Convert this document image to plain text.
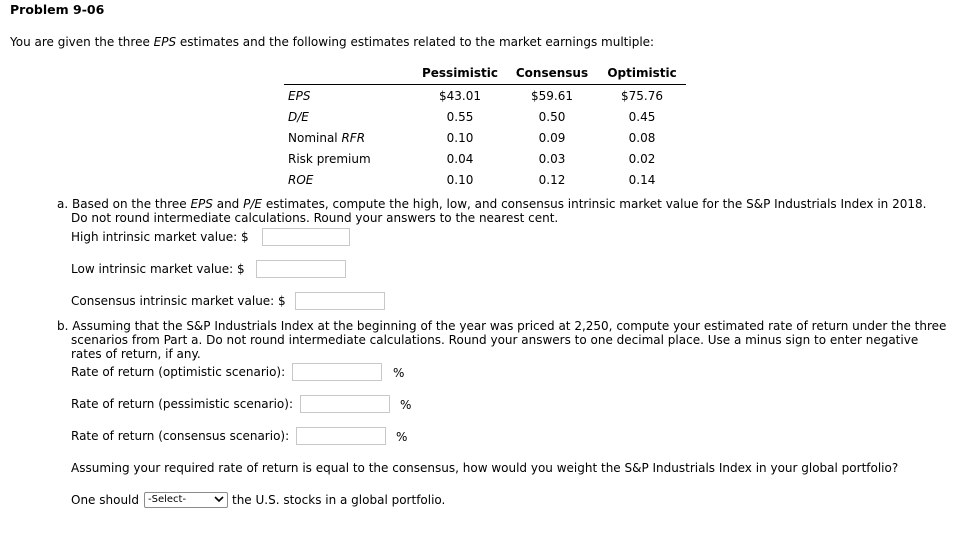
Problem 9-06
You are given the three EPS estimates and the following estimates related to the market earnings multiple:
	Pessimistic	Consensus	Optimistic
EPS	$43.01	$59.61	$75.76
D/E	0.55	0.50	0.45
Nominal RFR	0.10	0.09	0.08
Risk premium	0.04	0.03	0.02
ROE	0.10	0.12	0.14
a. Based on the three EPS and P/E estimates, compute the high, low, and consensus intrinsic market value for the S&P Industrials Index in 2018.
Do not round intermediate calculations. Round your answers to the nearest cent.
High intrinsic market value: $
Low intrinsic market value: $
Consensus intrinsic market value: $
b. Assuming that the S&P Industrials Index at the beginning of the year was priced at 2,250, compute your estimated rate of return under the three
scenarios from Part a. Do not round intermediate calculations. Round your answers to one decimal place. Use a minus sign to enter negative
rates of return, if any.
Rate of return (optimistic scenario):	%
Rate of return (pessimistic scenario):	%
Rate of return (consensus scenario):	%
Assuming your required rate of return is equal to the consensus, how would you weight the S&P Industrials Index in your global portfolio?
One should -Select-	the U.S. stocks in a global portfolio.
